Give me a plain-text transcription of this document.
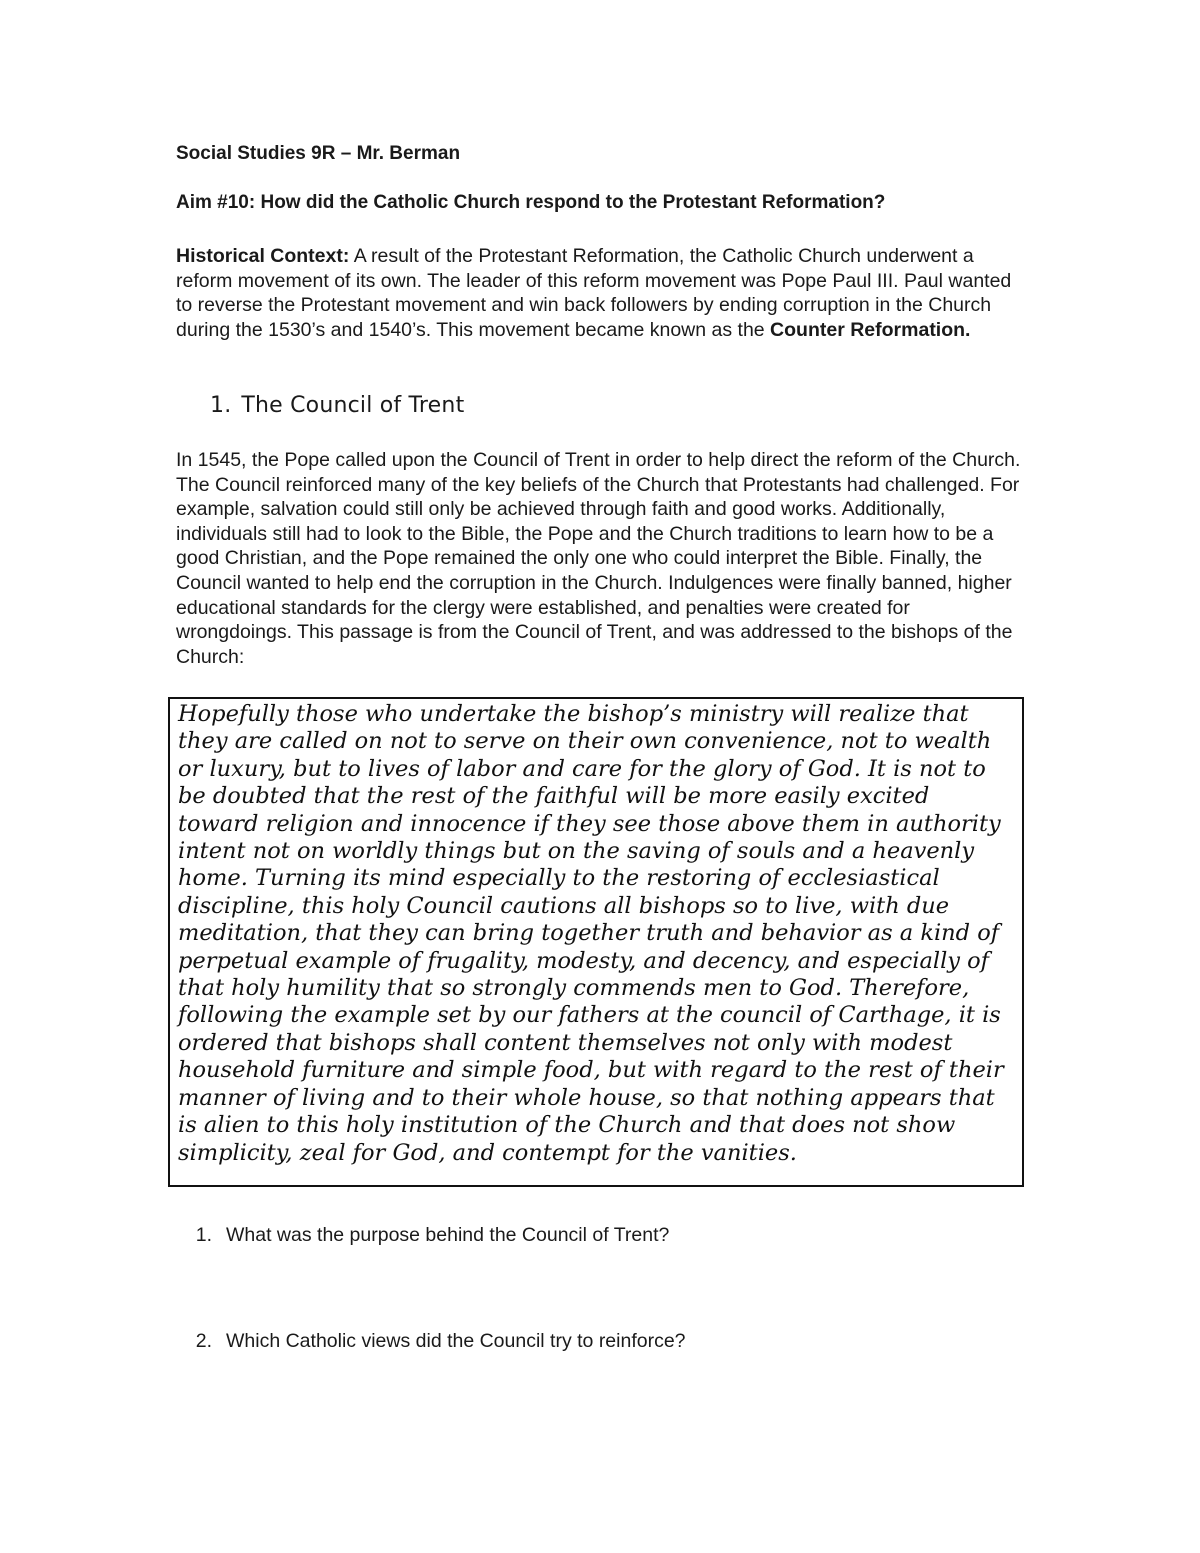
Social Studies 9R – Mr. Berman

Aim #10: How did the Catholic Church respond to the Protestant Reformation?

Historical Context: A result of the Protestant Reformation, the Catholic Church underwent a reform movement of its own. The leader of this reform movement was Pope Paul III. Paul wanted to reverse the Protestant movement and win back followers by ending corruption in the Church during the 1530’s and 1540’s. This movement became known as the Counter Reformation.

1. The Council of Trent

In 1545, the Pope called upon the Council of Trent in order to help direct the reform of the Church. The Council reinforced many of the key beliefs of the Church that Protestants had challenged. For example, salvation could still only be achieved through faith and good works. Additionally, individuals still had to look to the Bible, the Pope and the Church traditions to learn how to be a good Christian, and the Pope remained the only one who could interpret the Bible. Finally, the Council wanted to help end the corruption in the Church. Indulgences were finally banned, higher educational standards for the clergy were established, and penalties were created for wrongdoings. This passage is from the Council of Trent, and was addressed to the bishops of the Church:

Hopefully those who undertake the bishop’s ministry will realize that they are called on not to serve on their own convenience, not to wealth or luxury, but to lives of labor and care for the glory of God. It is not to be doubted that the rest of the faithful will be more easily excited toward religion and innocence if they see those above them in authority intent not on worldly things but on the saving of souls and a heavenly home. Turning its mind especially to the restoring of ecclesiastical discipline, this holy Council cautions all bishops so to live, with due meditation, that they can bring together truth and behavior as a kind of perpetual example of frugality, modesty, and decency, and especially of that holy humility that so strongly commends men to God. Therefore, following the example set by our fathers at the council of Carthage, it is ordered that bishops shall content themselves not only with modest household furniture and simple food, but with regard to the rest of their manner of living and to their whole house, so that nothing appears that is alien to this holy institution of the Church and that does not show simplicity, zeal for God, and contempt for the vanities.

1. What was the purpose behind the Council of Trent?
2. Which Catholic views did the Council try to reinforce?
